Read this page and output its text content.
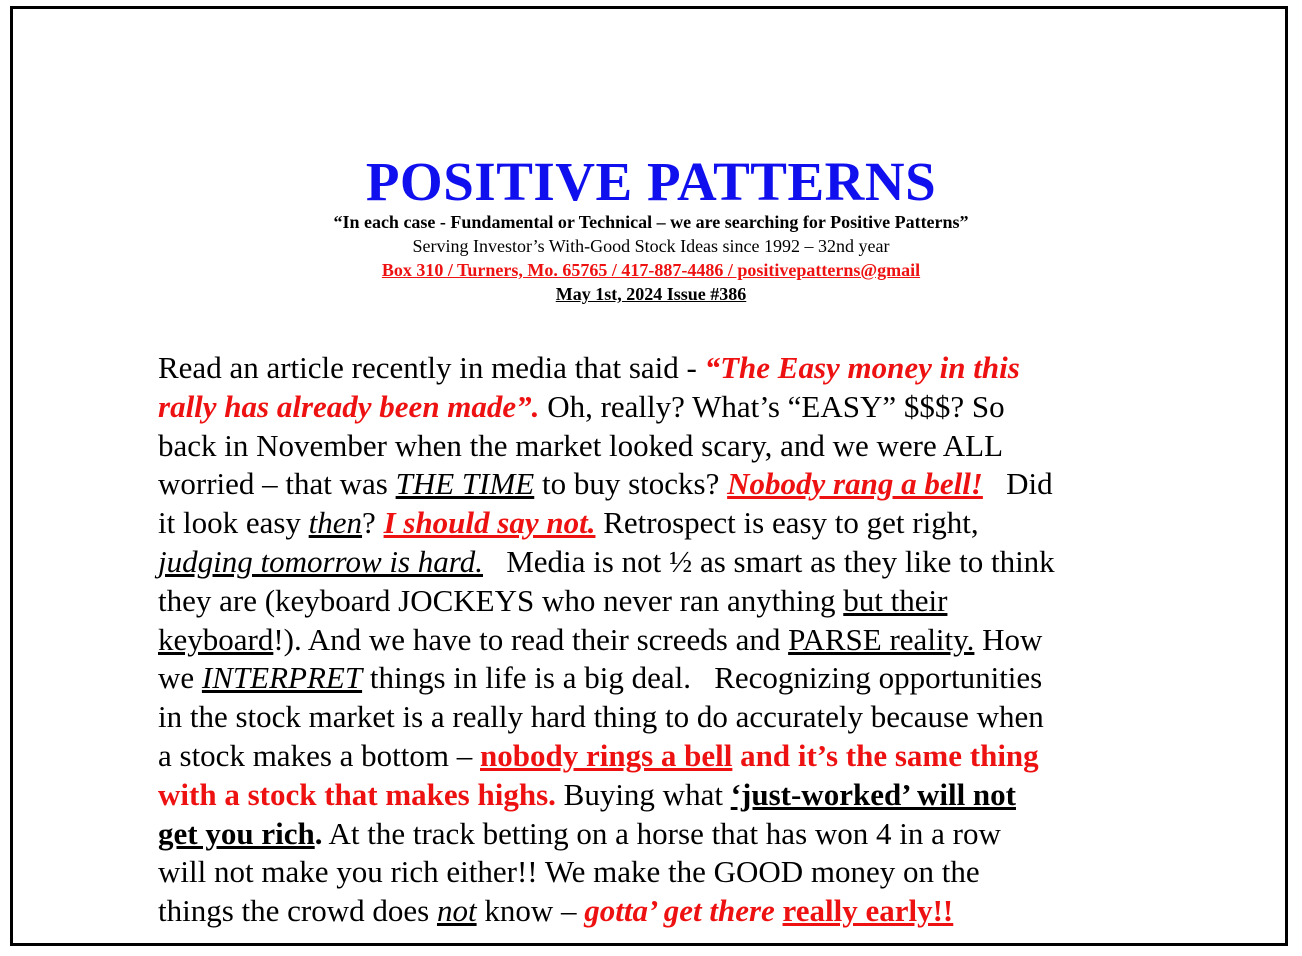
POSITIVE PATTERNS
“In each case - Fundamental or Technical – we are searching for Positive Patterns”
Serving Investor’s With-Good Stock Ideas since 1992 – 32nd year
Box 310 / Turners, Mo. 65765 / 417-887-4486 / positivepatterns@gmail
May 1st, 2024 Issue #386
Read an article recently in media that said - “The Easy money in this
rally has already been made”. Oh, really? What’s “EASY” $$$? So
back in November when the market looked scary, and we were ALL
worried – that was THE TIME to buy stocks? Nobody rang a bell!   Did
it look easy then? I should say not. Retrospect is easy to get right,
judging tomorrow is hard.   Media is not ½ as smart as they like to think
they are (keyboard JOCKEYS who never ran anything but their
keyboard!). And we have to read their screeds and PARSE reality. How
we INTERPRET things in life is a big deal.   Recognizing opportunities
in the stock market is a really hard thing to do accurately because when
a stock makes a bottom – nobody rings a bell and it’s the same thing
with a stock that makes highs. Buying what ‘just-worked’ will not
get you rich. At the track betting on a horse that has won 4 in a row
will not make you rich either!! We make the GOOD money on the
things the crowd does not know – gotta’ get there really early!!
